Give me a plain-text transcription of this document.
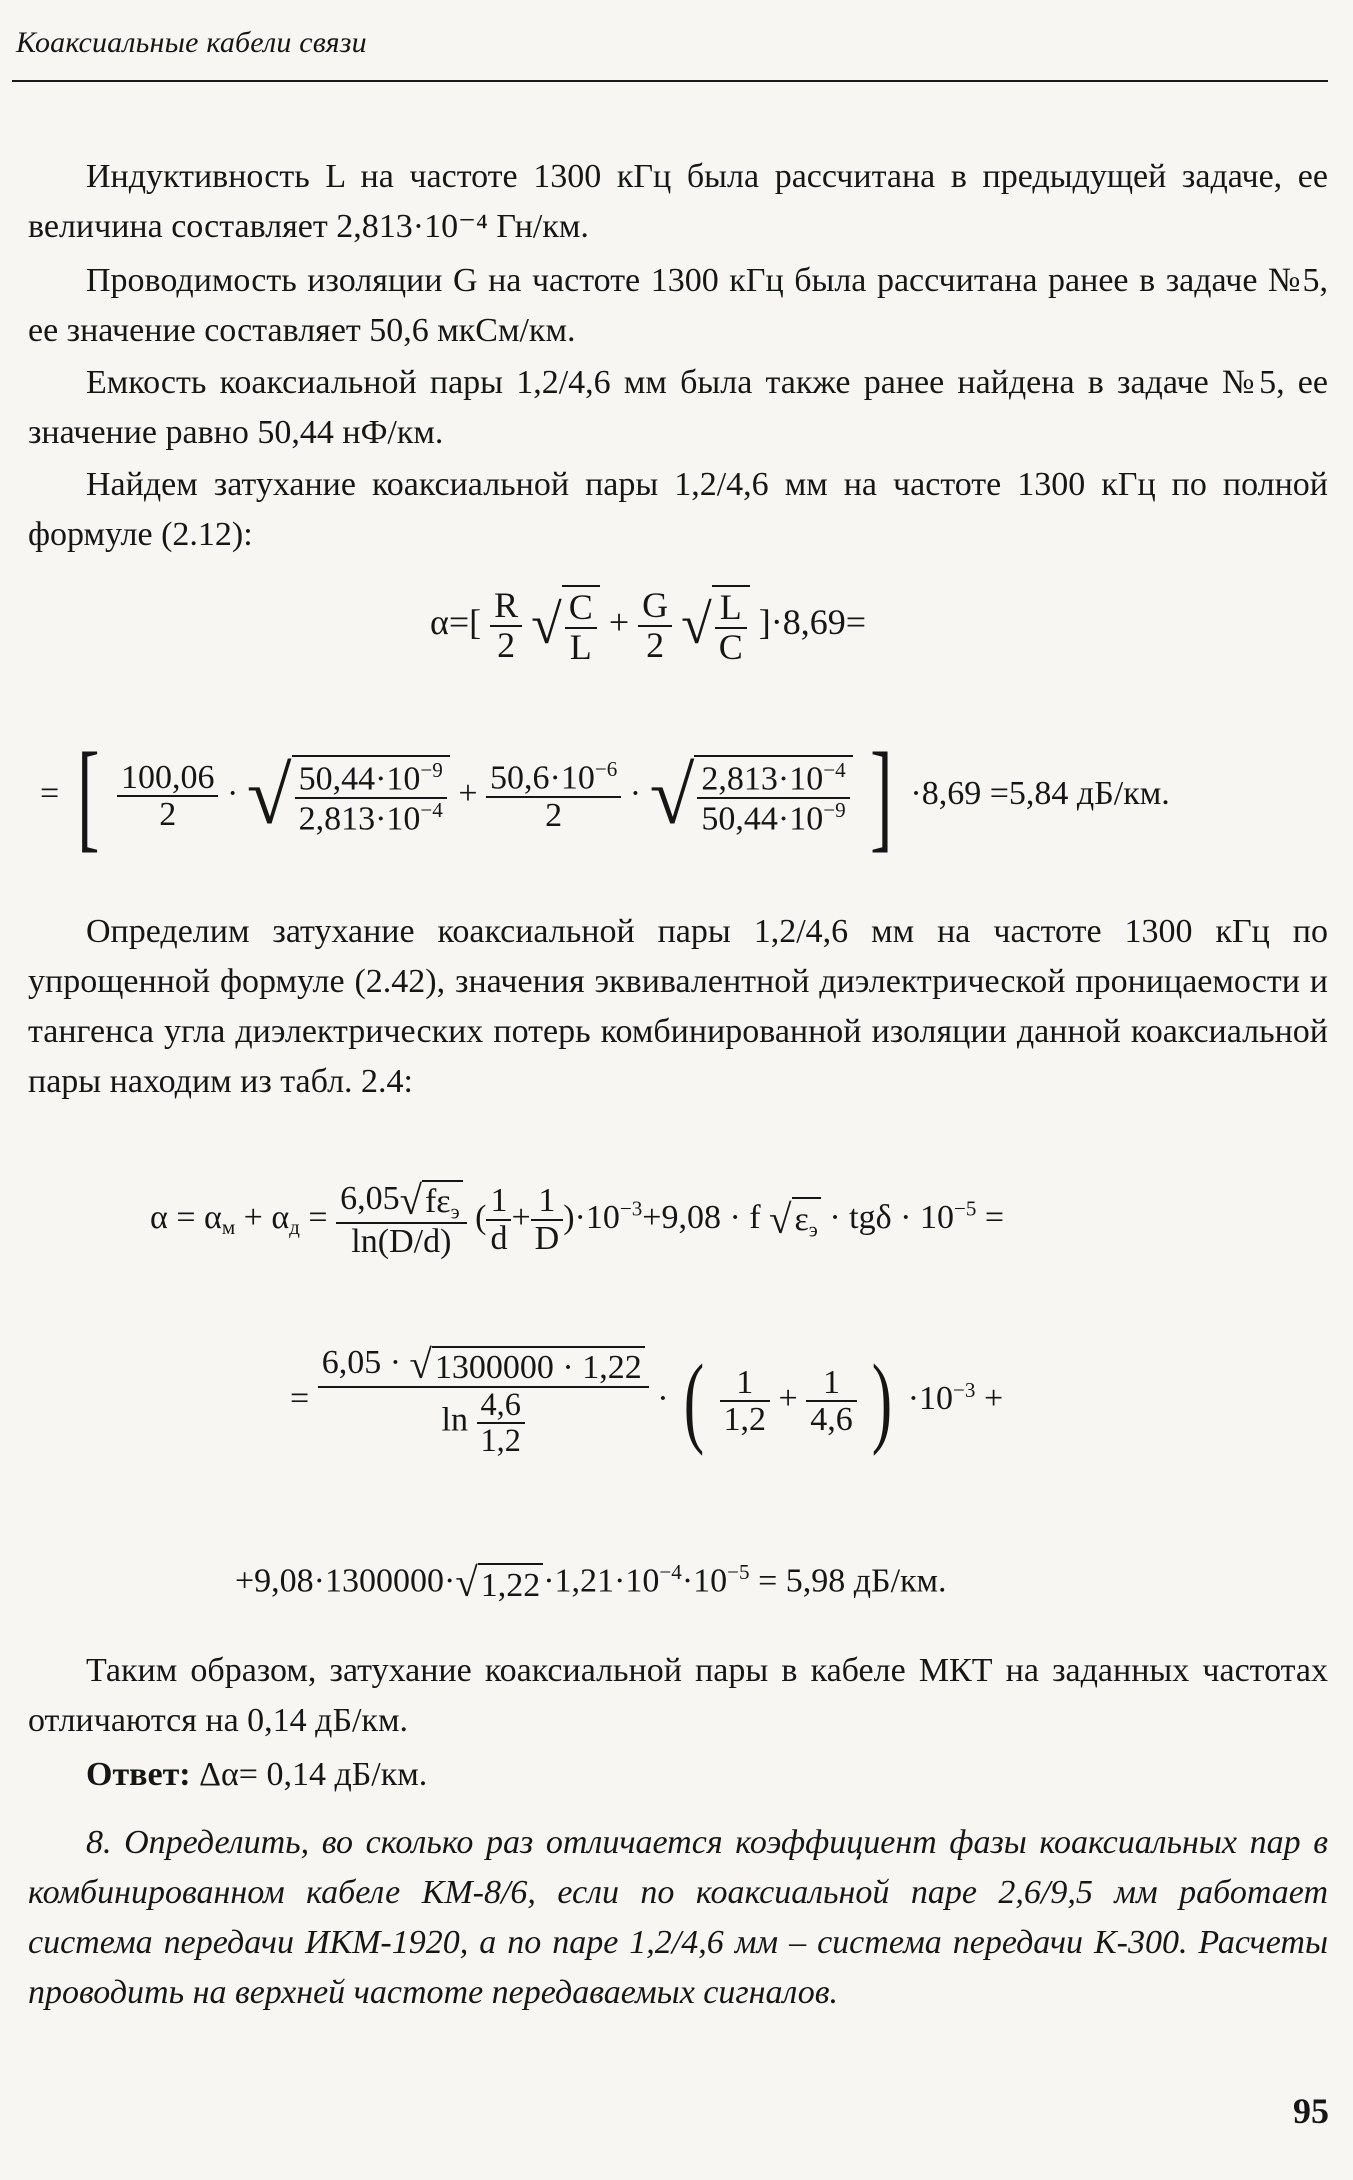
Коаксиальные кабели связи

Индуктивность L на частоте 1300 кГц была рассчитана в предыдущей задаче, ее величина составляет 2,813·10⁻⁴ Гн/км.

Проводимость изоляции G на частоте 1300 кГц была рассчитана ранее в задаче №5, ее значение составляет 50,6 мкСм/км.

Емкость коаксиальной пары 1,2/4,6 мм была также ранее найдена в задаче №5, ее значение равно 50,44 нФ/км.

Найдем затухание коаксиальной пары 1,2/4,6 мм на частоте 1300 кГц по полной формуле (2.12):

$\alpha=[ \frac{R}{2}$ √ $\frac{C}{L} + \frac{G}{2}$ √ $\frac{L}{C} ]\cdot 8,69=$
= [ $\frac{100,06}{2}$ · √ $\frac{50,44\cdot 10^{-9}}{2,813\cdot 10^{-4}} + \frac{50,6\cdot 10^{-6}}{2}$ · √ $\frac{2,813\cdot 10^{-4}}{50,44\cdot 10^{-9}}$ ] ·8,69 =5,84 дБ/км.

Определим затухание коаксиальной пары 1,2/4,6 мм на частоте 1300 кГц по упрощенной формуле (2.42), значения эквивалентной диэлектрической проницаемости и тангенса угла диэлектрических потерь комбинированной изоляции данной коаксиальной пары находим из табл. 2.4:

$\alpha = \alpha_м + \alpha_д = \frac{6,05√f\varepsilon_э}{\ln(D/d)}$ ( $\frac{1}{d} + \frac{1}{D} )\cdot 10^{-3}+9,08 \cdot f$ $√\varepsilon_э \cdot tg\delta \cdot 10^{-5}$ =
= $\frac{6,05 \cdot √1300000 \cdot 1,22}{\ln \frac{4,6}{1,2}}$ · ( $\frac{1}{1,2} + \frac{1}{4,6}$ ) $\cdot 10^{-3}$ +
$+9,08\cdot 1300000\cdot√1,22\cdot 1,21\cdot 10^{-4}\cdot 10^{-5} = 5,98$ дБ/км.

Таким образом, затухание коаксиальной пары в кабеле МКТ на заданных частотах отличаются на 0,14 дБ/км.

Ответ: Δα= 0,14 дБ/км.

8. Определить, во сколько раз отличается коэффициент фазы коаксиальных пар в комбинированном кабеле КМ-8/6, если по коаксиальной паре 2,6/9,5 мм работает система передачи ИКМ-1920, а по паре 1,2/4,6 мм – система передачи К-300. Расчеты проводить на верхней частоте передаваемых сигналов.

95
